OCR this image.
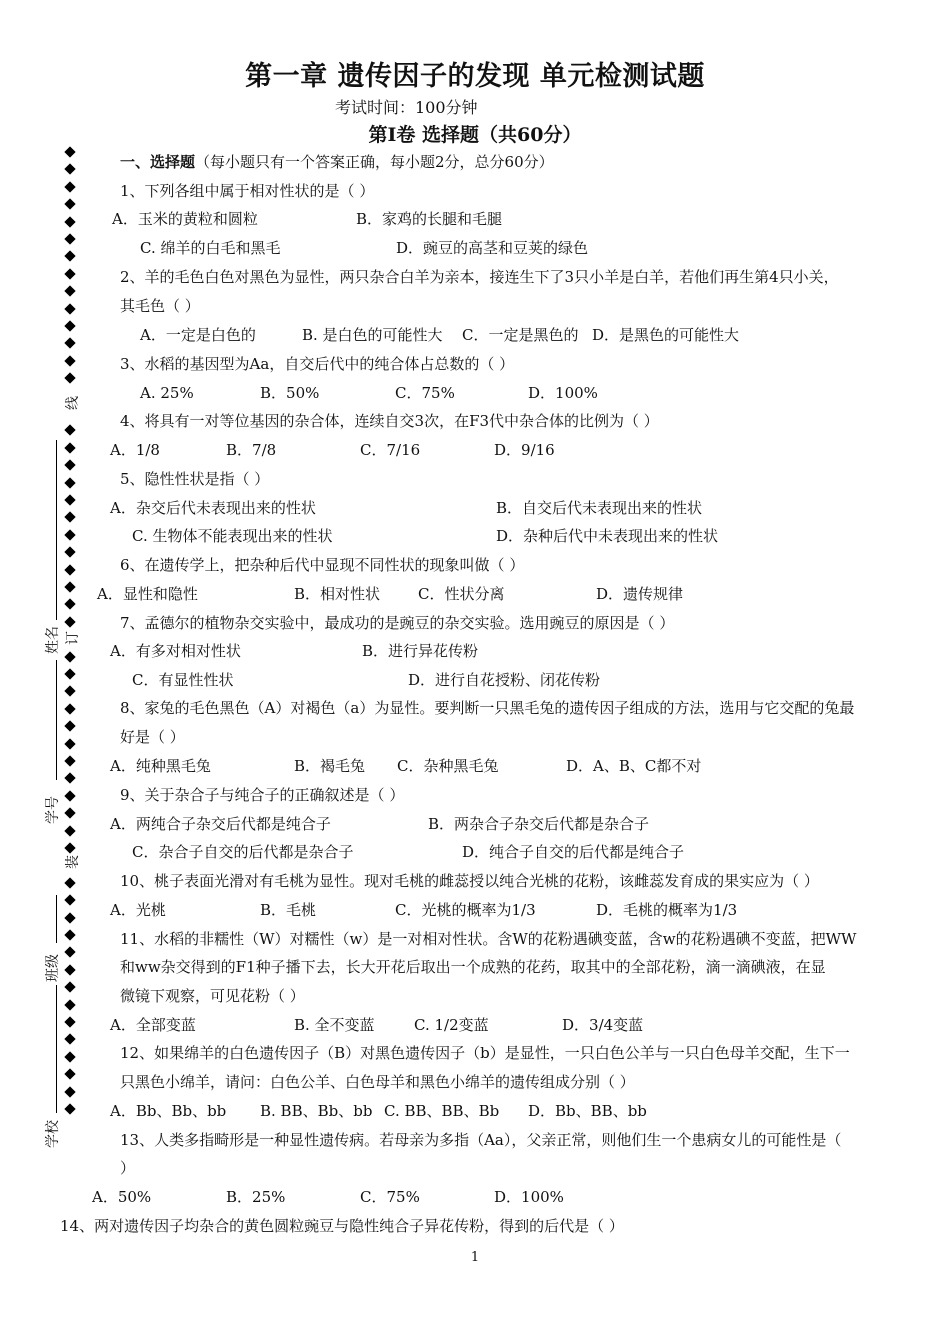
第一章 遗传因子的发现 单元检测试题
考试时间：100分钟
第I卷 选择题（共60分）
线
订
装
姓名
学号
班级
学校
一、选择题（每小题只有一个答案正确，每小题2分，总分60分）
1、下列各组中属于相对性状的是（ ）
A．玉米的黄粒和圆粒	B．家鸡的长腿和毛腿
C. 绵羊的白毛和黑毛	D．豌豆的高茎和豆荚的绿色
2、羊的毛色白色对黑色为显性，两只杂合白羊为亲本，接连生下了3只小羊是白羊，若他们再生第4只小关，
其毛色（ ）
A．一定是白色的	B. 是白色的可能性大 C．一定是黑色的 D．是黑色的可能性大
3、水稻的基因型为Aa，自交后代中的纯合体占总数的（ ）
A. 25%	B．50%	C．75%	D．100%
4、将具有一对等位基因的杂合体，连续自交3次，在F3代中杂合体的比例为（ ）
A．1/8	B．7/8	C．7/16	D．9/16
5、隐性性状是指（ ）
A．杂交后代未表现出来的性状	B．自交后代未表现出来的性状
C. 生物体不能表现出来的性状	D．杂种后代中未表现出来的性状
6、在遗传学上，把杂种后代中显现不同性状的现象叫做（ ）
A．显性和隐性	B．相对性状	C．性状分离	D．遗传规律
7、孟德尔的植物杂交实验中，最成功的是豌豆的杂交实验。选用豌豆的原因是（ ）
A．有多对相对性状	B．进行异花传粉
C．有显性性状	D．进行自花授粉、闭花传粉
8、家兔的毛色黑色（A）对褐色（a）为显性。要判断一只黑毛兔的遗传因子组成的方法，选用与它交配的兔最
好是（ ）
A．纯种黑毛兔	B．褐毛兔 C．杂种黑毛兔	D．A、B、C都不对
9、关于杂合子与纯合子的正确叙述是（ ）
A．两纯合子杂交后代都是纯合子	B．两杂合子杂交后代都是杂合子
C．杂合子自交的后代都是杂合子	D．纯合子自交的后代都是纯合子
10、桃子表面光滑对有毛桃为显性。现对毛桃的雌蕊授以纯合光桃的花粉，该雌蕊发育成的果实应为（ ）
A．光桃	B．毛桃	C．光桃的概率为1/3	D．毛桃的概率为1/3
11、水稻的非糯性（W）对糯性（w）是一对相对性状。含W的花粉遇碘变蓝，含w的花粉遇碘不变蓝，把WW
和ww杂交得到的F1种子播下去，长大开花后取出一个成熟的花药，取其中的全部花粉，滴一滴碘液，在显
微镜下观察，可见花粉（ ）
A．全部变蓝	B. 全不变蓝	C. 1/2变蓝	D．3/4变蓝
12、如果绵羊的白色遗传因子（B）对黑色遗传因子（b）是显性，一只白色公羊与一只白色母羊交配，生下一
只黑色小绵羊，请问：白色公羊、白色母羊和黑色小绵羊的遗传组成分别（ ）
A．Bb、Bb、bb B. BB、Bb、bb C. BB、BB、Bb D．Bb、BB、bb
13、人类多指畸形是一种显性遗传病。若母亲为多指（Aa），父亲正常，则他们生一个患病女儿的可能性是（
）
A．50%	B．25%	C．75%	D．100%
14、两对遗传因子均杂合的黄色圆粒豌豆与隐性纯合子异花传粉，得到的后代是（ ）
1
